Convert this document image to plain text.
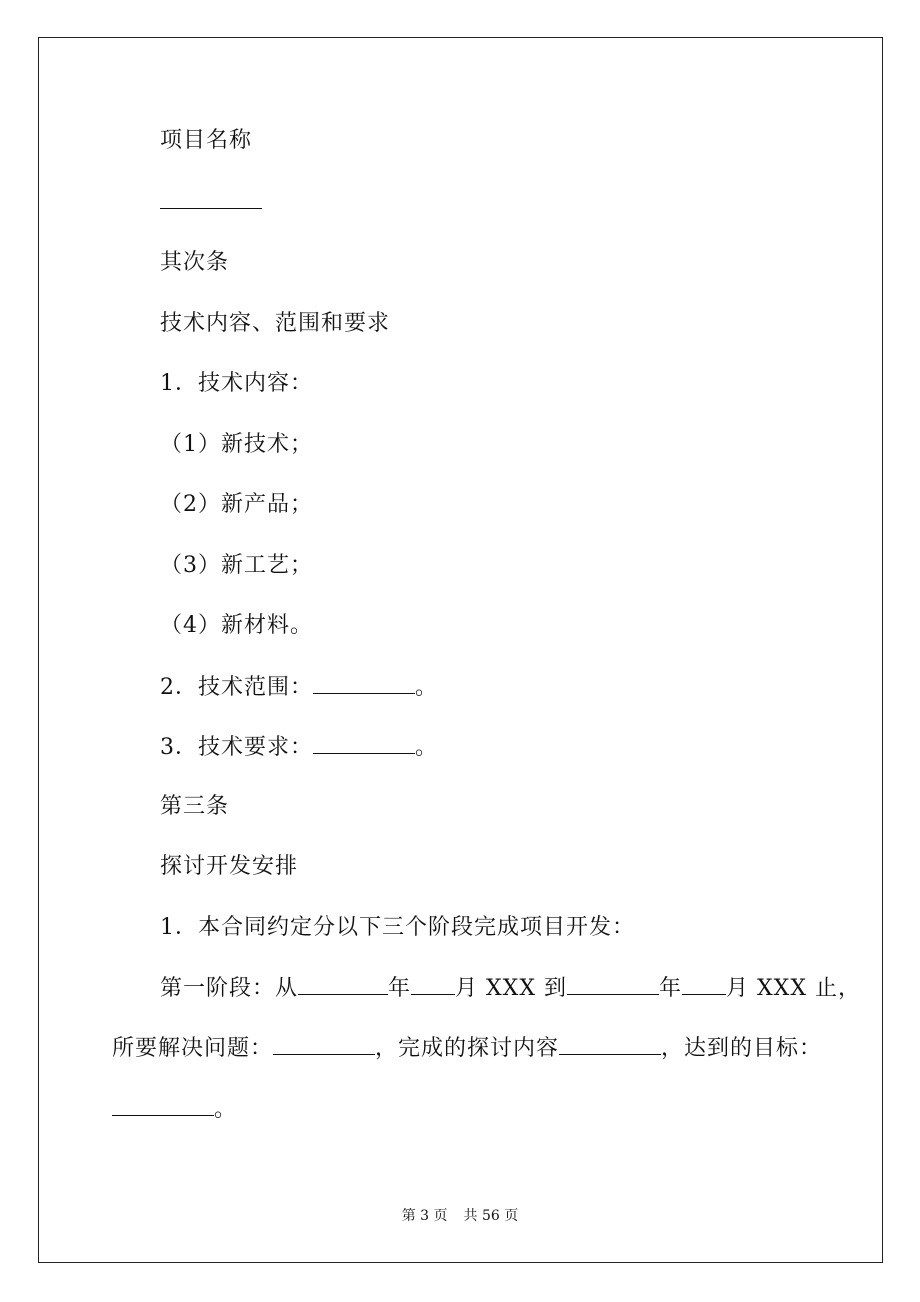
项目名称
其次条
技术内容、范围和要求
1．技术内容：
（1）新技术；
（2）新产品；
（3）新工艺；
（4）新材料。
2．技术范围：	。
3．技术要求：	。
第三条
探讨开发安排
1．本合同约定分以下三个阶段完成项目开发：
第一阶段：从	年 月 XXX 到	年 月 XXX 止，
所要解决问题：	，完成的探讨内容	，达到的目标：
。
第 3 页 共 56 页
